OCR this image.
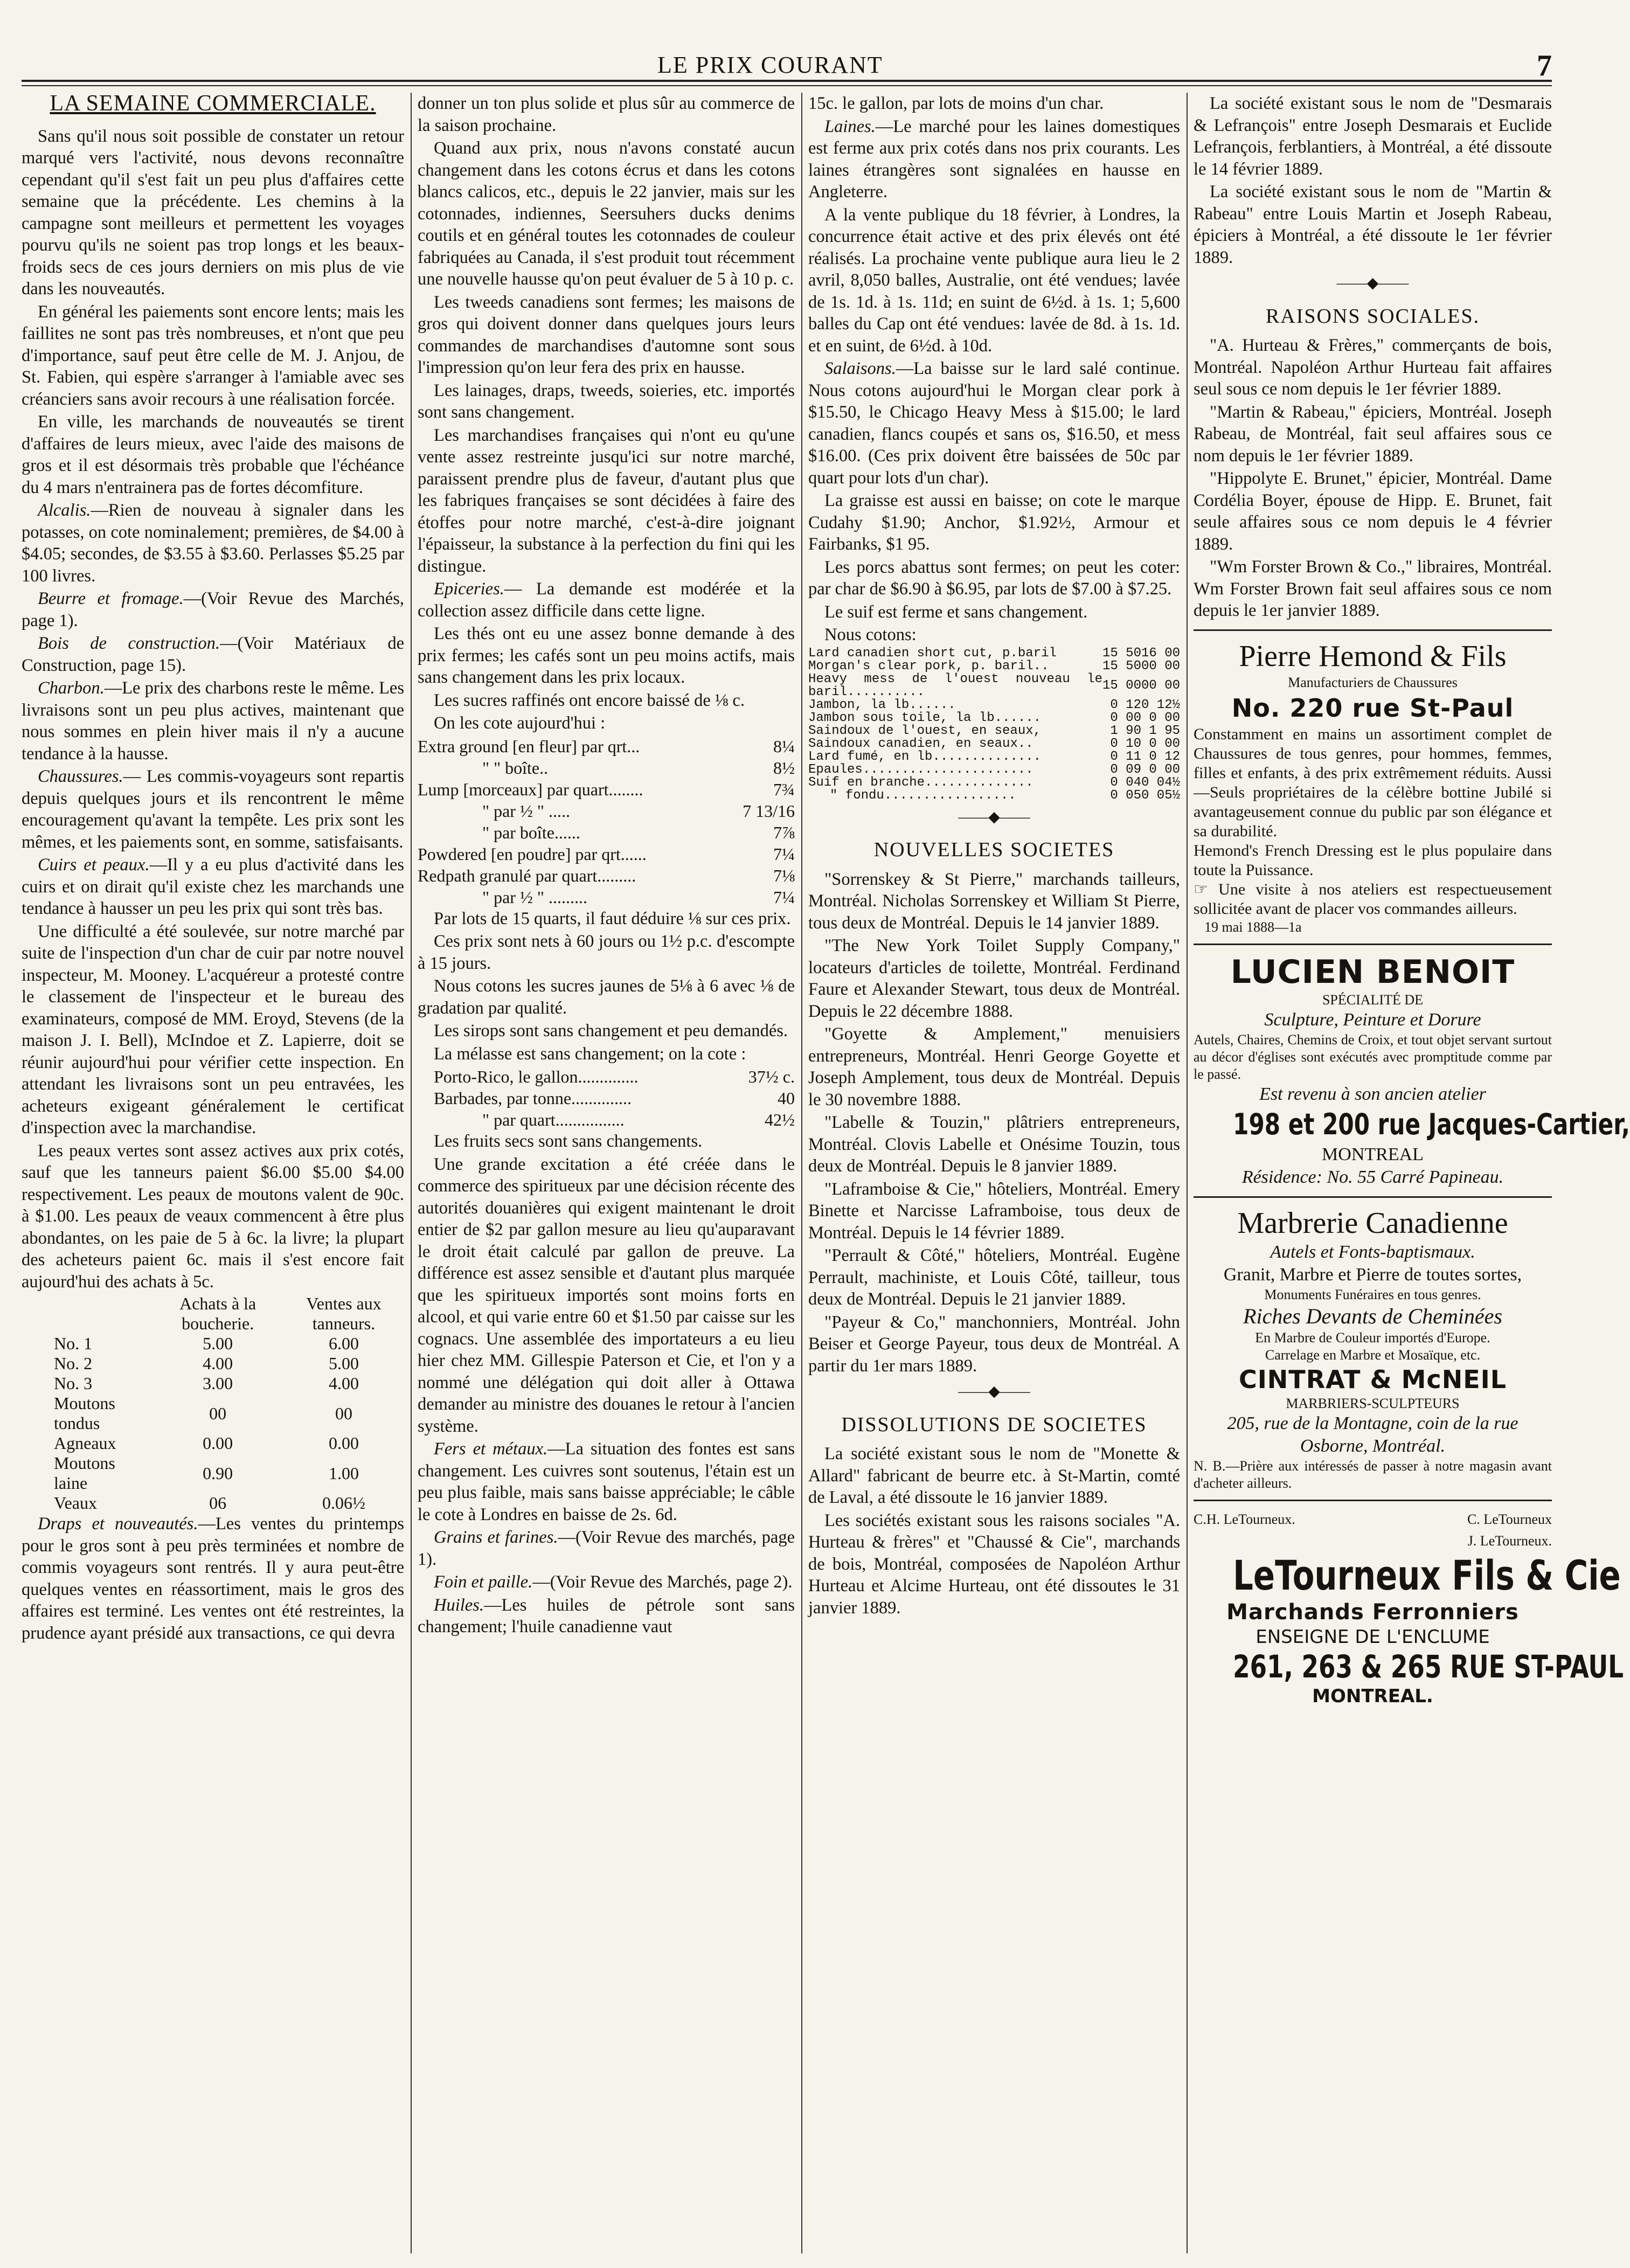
LE PRIX COURANT	7
LA SEMAINE COMMERCIALE.

Sans qu'il nous soit possible de constater un retour marqué vers l'activité, nous devons reconnaître cependant qu'il s'est fait un peu plus d'affaires cette semaine que la précédente. Les chemins à la campagne sont meilleurs et permettent les voyages pourvu qu'ils ne soient pas trop longs et les beaux-froids secs de ces jours derniers on mis plus de vie dans les nouveautés.

En général les paiements sont encore lents; mais les faillites ne sont pas très nombreuses, et n'ont que peu d'importance, sauf peut être celle de M. J. Anjou, de St. Fabien, qui espère s'arranger à l'amiable avec ses créanciers sans avoir recours à une réalisation forcée.

En ville, les marchands de nouveautés se tirent d'affaires de leurs mieux, avec l'aide des maisons de gros et il est désormais très probable que l'échéance du 4 mars n'entrainera pas de fortes décomfiture.

Alcalis.—Rien de nouveau à signaler dans les potasses, on cote nominalement; premières, de $4.00 à $4.05; secondes, de $3.55 à $3.60. Perlasses $5.25 par 100 livres.

Beurre et fromage.—(Voir Revue des Marchés, page 1).

Bois de construction.—(Voir Matériaux de Construction, page 15).

Charbon.—Le prix des charbons reste le même. Les livraisons sont un peu plus actives, maintenant que nous sommes en plein hiver mais il n'y a aucune tendance à la hausse.

Chaussures.— Les commis-voyageurs sont repartis depuis quelques jours et ils rencontrent le même encouragement qu'avant la tempête. Les prix sont les mêmes, et les paiements sont, en somme, satisfaisants.

Cuirs et peaux.—Il y a eu plus d'activité dans les cuirs et on dirait qu'il existe chez les marchands une tendance à hausser un peu les prix qui sont très bas.

Une difficulté a été soulevée, sur notre marché par suite de l'inspection d'un char de cuir par notre nouvel inspecteur, M. Mooney. L'acquéreur a protesté contre le classement de l'inspecteur et le bureau des examinateurs, composé de MM. Eroyd, Stevens (de la maison J. I. Bell), McIndoe et Z. Lapierre, doit se réunir aujourd'hui pour vérifier cette inspection. En attendant les livraisons sont un peu entravées, les acheteurs exigeant généralement le certificat d'inspection avec la marchandise.

Les peaux vertes sont assez actives aux prix cotés, sauf que les tanneurs paient $6.00 $5.00 $4.00 respectivement. Les peaux de moutons valent de 90c. à $1.00. Les peaux de veaux commencent à être plus abondantes, on les paie de 5 à 6c. la livre; la plupart des acheteurs paient 6c. mais il s'est encore fait aujourd'hui des achats à 5c.

	Achats à la boucherie.	Ventes aux tanneurs.
No. 1	5.00	6.00
No. 2	4.00	5.00
No. 3	3.00	4.00
Moutons tondus	00	00
Agneaux	0.00	0.00
Moutons laine	0.90	1.00
Veaux	06	0.06½

Draps et nouveautés.—Les ventes du printemps pour le gros sont à peu près terminées et nombre de commis voyageurs sont rentrés. Il y aura peut-être quelques ventes en réassortiment, mais le gros des affaires est terminé. Les ventes ont été restreintes, la prudence ayant présidé aux transactions, ce qui devra

donner un ton plus solide et plus sûr au commerce de la saison prochaine.

Quand aux prix, nous n'avons constaté aucun changement dans les cotons écrus et dans les cotons blancs calicos, etc., depuis le 22 janvier, mais sur les cotonnades, indiennes, Seersuhers ducks denims coutils et en général toutes les cotonnades de couleur fabriquées au Canada, il s'est produit tout récemment une nouvelle hausse qu'on peut évaluer de 5 à 10 p. c.

Les tweeds canadiens sont fermes; les maisons de gros qui doivent donner dans quelques jours leurs commandes de marchandises d'automne sont sous l'impression qu'on leur fera des prix en hausse.

Les lainages, draps, tweeds, soieries, etc. importés sont sans changement.

Les marchandises françaises qui n'ont eu qu'une vente assez restreinte jusqu'ici sur notre marché, paraissent prendre plus de faveur, d'autant plus que les fabriques françaises se sont décidées à faire des étoffes pour notre marché, c'est-à-dire joignant l'épaisseur, la substance à la perfection du fini qui les distingue.

Epiceries.— La demande est modérée et la collection assez difficile dans cette ligne.

Les thés ont eu une assez bonne demande à des prix fermes; les cafés sont un peu moins actifs, mais sans changement dans les prix locaux.

Les sucres raffinés ont encore baissé de ⅛ c.

On les cote aujourd'hui :

Extra ground [en fleur] par qrt...	8¼
" " boîte..	8½
Lump [morceaux] par quart........	7¾
" par ½ " .....	7 13/16
" par boîte......	7⅞
Powdered [en poudre] par qrt......	7¼
Redpath granulé par quart.........	7⅛
" par ½ " .........	7¼

Par lots de 15 quarts, il faut déduire ⅛ sur ces prix.

Ces prix sont nets à 60 jours ou 1½ p.c. d'escompte à 15 jours.

Nous cotons les sucres jaunes de 5⅛ à 6 avec ⅛ de gradation par qualité.

Les sirops sont sans changement et peu demandés.

La mélasse est sans changement; on la cote :

Porto-Rico, le gallon..............	37½ c.
Barbades, par tonne..............	40
" par quart................	42½

Les fruits secs sont sans changements.

Une grande excitation a été créée dans le commerce des spiritueux par une décision récente des autorités douanières qui exigent maintenant le droit entier de $2 par gallon mesure au lieu qu'auparavant le droit était calculé par gallon de preuve. La différence est assez sensible et d'autant plus marquée que les spiritueux importés sont moins forts en alcool, et qui varie entre 60 et $1.50 par caisse sur les cognacs. Une assemblée des importateurs a eu lieu hier chez MM. Gillespie Paterson et Cie, et l'on y a nommé une délégation qui doit aller à Ottawa demander au ministre des douanes le retour à l'ancien système.

Fers et métaux.—La situation des fontes est sans changement. Les cuivres sont soutenus, l'étain est un peu plus faible, mais sans baisse appréciable; le câble le cote à Londres en baisse de 2s. 6d.

Grains et farines.—(Voir Revue des marchés, page 1).

Foin et paille.—(Voir Revue des Marchés, page 2).

Huiles.—Les huiles de pétrole sont sans changement; l'huile canadienne vaut

15c. le gallon, par lots de moins d'un char.

Laines.—Le marché pour les laines domestiques est ferme aux prix cotés dans nos prix courants. Les laines étrangères sont signalées en hausse en Angleterre.

A la vente publique du 18 février, à Londres, la concurrence était active et des prix élevés ont été réalisés. La prochaine vente publique aura lieu le 2 avril, 8,050 balles, Australie, ont été vendues; lavée de 1s. 1d. à 1s. 11d; en suint de 6½d. à 1s. 1; 5,600 balles du Cap ont été vendues: lavée de 8d. à 1s. 1d. et en suint, de 6½d. à 10d.

Salaisons.—La baisse sur le lard salé continue. Nous cotons aujourd'hui le Morgan clear pork à $15.50, le Chicago Heavy Mess à $15.00; le lard canadien, flancs coupés et sans os, $16.50, et mess $16.00. (Ces prix doivent être baissées de 50c par quart pour lots d'un char).

La graisse est aussi en baisse; on cote le marque Cudahy $1.90; Anchor, $1.92½, Armour et Fairbanks, $1 95.

Les porcs abattus sont fermes; on peut les coter: par char de $6.90 à $6.95, par lots de $7.00 à $7.25.

Le suif est ferme et sans changement.

Nous cotons:

Lard canadien short cut, p.baril	15 50	16 00
Morgan's clear pork, p. baril..	15 50	00 00
Heavy mess de l'ouest nouveau le baril..........	15 00	00 00
Jambon, la lb......	0 12	0 12½
Jambon sous toile, la lb......	0 00	0 00
Saindoux de l'ouest, en seaux,	1 90	1 95
Saindoux canadien, en seaux..	0 10	0 00
Lard fumé, en lb..............	0 11	0 12
Epaules......................	0 09	0 00
Suif en branche..............	0 04	0 04½
" fondu.................	0 05	0 05½
——◆——
NOUVELLES SOCIETES

"Sorrenskey & St Pierre," marchands tailleurs, Montréal. Nicholas Sorrenskey et William St Pierre, tous deux de Montréal. Depuis le 14 janvier 1889.

"The New York Toilet Supply Company," locateurs d'articles de toilette, Montréal. Ferdinand Faure et Alexander Stewart, tous deux de Montréal. Depuis le 22 décembre 1888.

"Goyette & Amplement," menuisiers entrepreneurs, Montréal. Henri George Goyette et Joseph Amplement, tous deux de Montréal. Depuis le 30 novembre 1888.

"Labelle & Touzin," plâtriers entrepreneurs, Montréal. Clovis Labelle et Onésime Touzin, tous deux de Montréal. Depuis le 8 janvier 1889.

"Laframboise & Cie," hôteliers, Montréal. Emery Binette et Narcisse Laframboise, tous deux de Montréal. Depuis le 14 février 1889.

"Perrault & Côté," hôteliers, Montréal. Eugène Perrault, machiniste, et Louis Côté, tailleur, tous deux de Montréal. Depuis le 21 janvier 1889.

"Payeur & Co," manchonniers, Montréal. John Beiser et George Payeur, tous deux de Montréal. A partir du 1er mars 1889.

——◆——
DISSOLUTIONS DE SOCIETES

La société existant sous le nom de "Monette & Allard" fabricant de beurre etc. à St-Martin, comté de Laval, a été dissoute le 16 janvier 1889.

Les sociétés existant sous les raisons sociales "A. Hurteau & frères" et "Chaussé & Cie", marchands de bois, Montréal, composées de Napoléon Arthur Hurteau et Alcime Hurteau, ont été dissoutes le 31 janvier 1889.

La société existant sous le nom de "Desmarais & Lefrançois" entre Joseph Desmarais et Euclide Lefrançois, ferblantiers, à Montréal, a été dissoute le 14 février 1889.

La société existant sous le nom de "Martin & Rabeau" entre Louis Martin et Joseph Rabeau, épiciers à Montréal, a été dissoute le 1er février 1889.

——◆——
RAISONS SOCIALES.

"A. Hurteau & Frères," commerçants de bois, Montréal. Napoléon Arthur Hurteau fait affaires seul sous ce nom depuis le 1er février 1889.

"Martin & Rabeau," épiciers, Montréal. Joseph Rabeau, de Montréal, fait seul affaires sous ce nom depuis le 1er février 1889.

"Hippolyte E. Brunet," épicier, Montréal. Dame Cordélia Boyer, épouse de Hipp. E. Brunet, fait seule affaires sous ce nom depuis le 4 février 1889.

"Wm Forster Brown & Co.," libraires, Montréal. Wm Forster Brown fait seul affaires sous ce nom depuis le 1er janvier 1889.

Pierre Hemond & Fils

Manufacturiers de Chaussures

No. 220 rue St-Paul

Constamment en mains un assortiment complet de Chaussures de tous genres, pour hommes, femmes, filles et enfants, à des prix extrêmement réduits. Aussi—Seuls propriétaires de la célèbre bottine Jubilé si avantageusement connue du public par son élégance et sa durabilité.

Hemond's French Dressing est le plus populaire dans toute la Puissance.

☞ Une visite à nos ateliers est respectueusement sollicitée avant de placer vos commandes ailleurs.

19 mai 1888—1a

LUCIEN BENOIT

SPÉCIALITÉ DE

Sculpture, Peinture et Dorure

Autels, Chaires, Chemins de Croix, et tout objet servant surtout au décor d'églises sont exécutés avec promptitude comme par le passé.

Est revenu à son ancien atelier

198 et 200 rue Jacques-Cartier,

MONTREAL

Résidence: No. 55 Carré Papineau.

Marbrerie Canadienne

Autels et Fonts-baptismaux.

Granit, Marbre et Pierre de toutes sortes,

Monuments Funéraires en tous genres.

Riches Devants de Cheminées

En Marbre de Couleur importés d'Europe.

Carrelage en Marbre et Mosaïque, etc.

CINTRAT & McNEIL

MARBRIERS-SCULPTEURS

205, rue de la Montagne, coin de la rue Osborne, Montréal.

N. B.—Prière aux intéressés de passer à notre magasin avant d'acheter ailleurs.

C.H. LeTourneux.	C. LeTourneux
J. LeTourneux.

LeTourneux Fils & Cie

Marchands Ferronniers

ENSEIGNE DE L'ENCLUME

261, 263 & 265 RUE ST-PAUL

MONTREAL.
